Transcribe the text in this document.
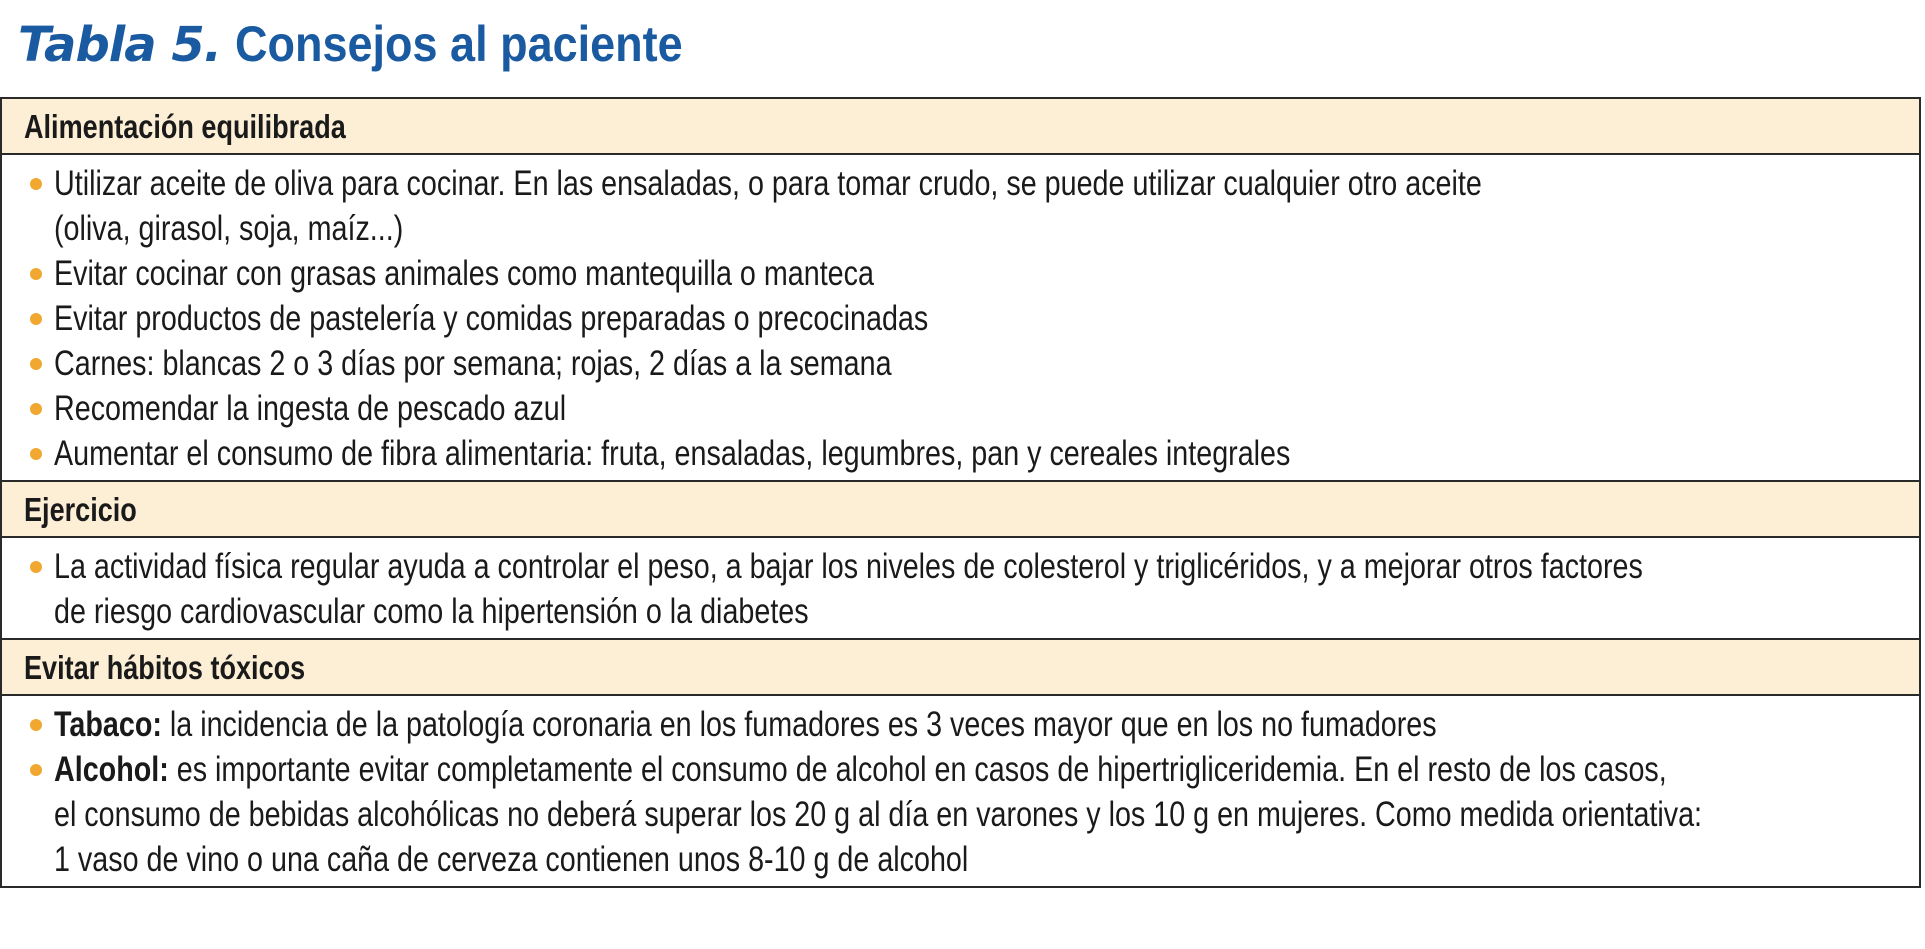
Tabla 5. Consejos al paciente
Alimentación equilibrada
Utilizar aceite de oliva para cocinar. En las ensaladas, o para tomar crudo, se puede utilizar cualquier otro aceite
(oliva, girasol, soja, maíz...)
Evitar cocinar con grasas animales como mantequilla o manteca
Evitar productos de pastelería y comidas preparadas o precocinadas
Carnes: blancas 2 o 3 días por semana; rojas, 2 días a la semana
Recomendar la ingesta de pescado azul
Aumentar el consumo de fibra alimentaria: fruta, ensaladas, legumbres, pan y cereales integrales
Ejercicio
La actividad física regular ayuda a controlar el peso, a bajar los niveles de colesterol y triglicéridos, y a mejorar otros factores
de riesgo cardiovascular como la hipertensión o la diabetes
Evitar hábitos tóxicos
Tabaco: la incidencia de la patología coronaria en los fumadores es 3 veces mayor que en los no fumadores
Alcohol: es importante evitar completamente el consumo de alcohol en casos de hipertrigliceridemia. En el resto de los casos,
el consumo de bebidas alcohólicas no deberá superar los 20 g al día en varones y los 10 g en mujeres. Como medida orientativa:
1 vaso de vino o una caña de cerveza contienen unos 8-10 g de alcohol
